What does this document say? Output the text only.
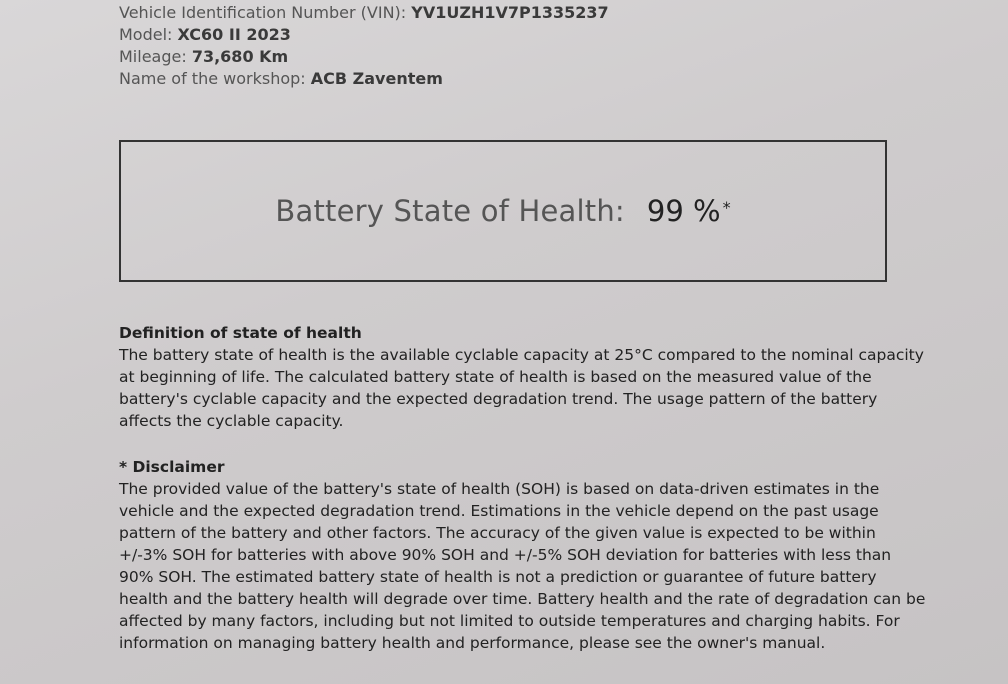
Vehicle Identification Number (VIN): YV1UZH1V7P1335237
Model: XC60 II 2023
Mileage: 73,680 Km
Name of the workshop: ACB Zaventem
Battery State of Health: 99 % *
Definition of state of health

The battery state of health is the available cyclable capacity at 25°C compared to the nominal capacity at beginning of life. The calculated battery state of health is based on the measured value of the battery's cyclable capacity and the expected degradation trend. The usage pattern of the battery affects the cyclable capacity.

* Disclaimer

The provided value of the battery's state of health (SOH) is based on data-driven estimates in the vehicle and the expected degradation trend. Estimations in the vehicle depend on the past usage pattern of the battery and other factors. The accuracy of the given value is expected to be within +/-3% SOH for batteries with above 90% SOH and +/-5% SOH deviation for batteries with less than 90% SOH. The estimated battery state of health is not a prediction or guarantee of future battery health and the battery health will degrade over time. Battery health and the rate of degradation can be affected by many factors, including but not limited to outside temperatures and charging habits. For information on managing battery health and performance, please see the owner's manual.
